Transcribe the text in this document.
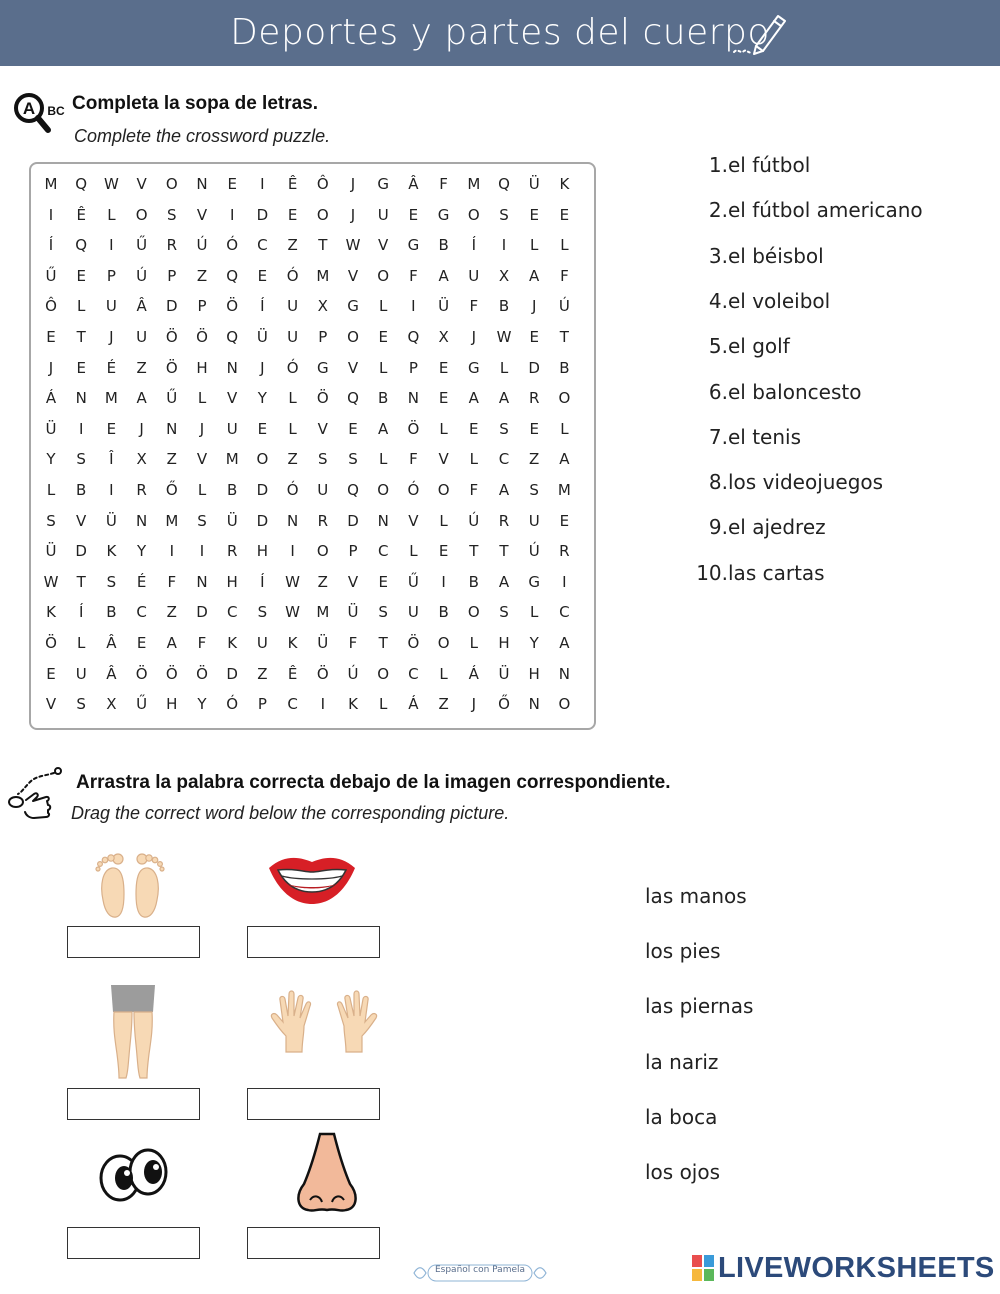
Deportes y partes del cuerpo
A BC Completa la sopa de letras.
Complete the crossword puzzle.
M	Q	W	V	O	N	E	I	Ê	Ô	J	G	Â	F	M	Q	Ü	K
I	Ê	L	O	S	V	I	D	E	O	J	U	E	G	O	S	E	E
Í	Q	I	Ű	R	Ú	Ó	C	Z	T	W	V	G	B	Í	I	L	L
Ű	E	P	Ú	P	Z	Q	E	Ó	M	V	O	F	A	U	X	A	F
Ô	L	U	Â	D	P	Ö	Í	U	X	G	L	I	Ü	F	B	J	Ú
E	T	J	U	Ö	Ö	Q	Ü	U	P	O	E	Q	X	J	W	E	T
J	E	É	Z	Ö	H	N	J	Ó	G	V	L	P	E	G	L	D	B
Á	N	M	A	Ű	L	V	Y	L	Ö	Q	B	N	E	A	A	R	O
Ü	I	E	J	N	J	U	E	L	V	E	A	Ö	L	E	S	E	L
Y	S	Î	X	Z	V	M	O	Z	S	S	L	F	V	L	C	Z	A
L	B	I	R	Ő	L	B	D	Ó	U	Q	O	Ó	O	F	A	S	M
S	V	Ü	N	M	S	Ü	D	N	R	D	N	V	L	Ú	R	U	E
Ü	D	K	Y	I	I	R	H	I	O	P	C	L	E	T	T	Ú	R
W	T	S	É	F	N	H	Í	W	Z	V	E	Ű	I	B	A	G	I
K	Í	B	C	Z	D	C	S	W	M	Ü	S	U	B	O	S	L	C
Ö	L	Â	E	A	F	K	U	K	Ü	F	T	Ö	O	L	H	Y	A
E	U	Â	Ö	Ö	Ö	D	Z	Ê	Ö	Ú	O	C	L	Á	Ü	H	N
V	S	X	Ű	H	Y	Ó	P	C	I	K	L	Á	Z	J	Ő	N	O
1.el fútbol
2.el fútbol americano
3.el béisbol
4.el voleibol
5.el golf
6.el baloncesto
7.el tenis
8.los videojuegos
9.el ajedrez
10.las cartas
Arrastra la palabra correcta debajo de la imagen correspondiente.
Drag the correct word below the corresponding picture.
las manos
los pies
las piernas
la nariz
la boca
los ojos
Español con Pamela	LIVEWORKSHEETS
